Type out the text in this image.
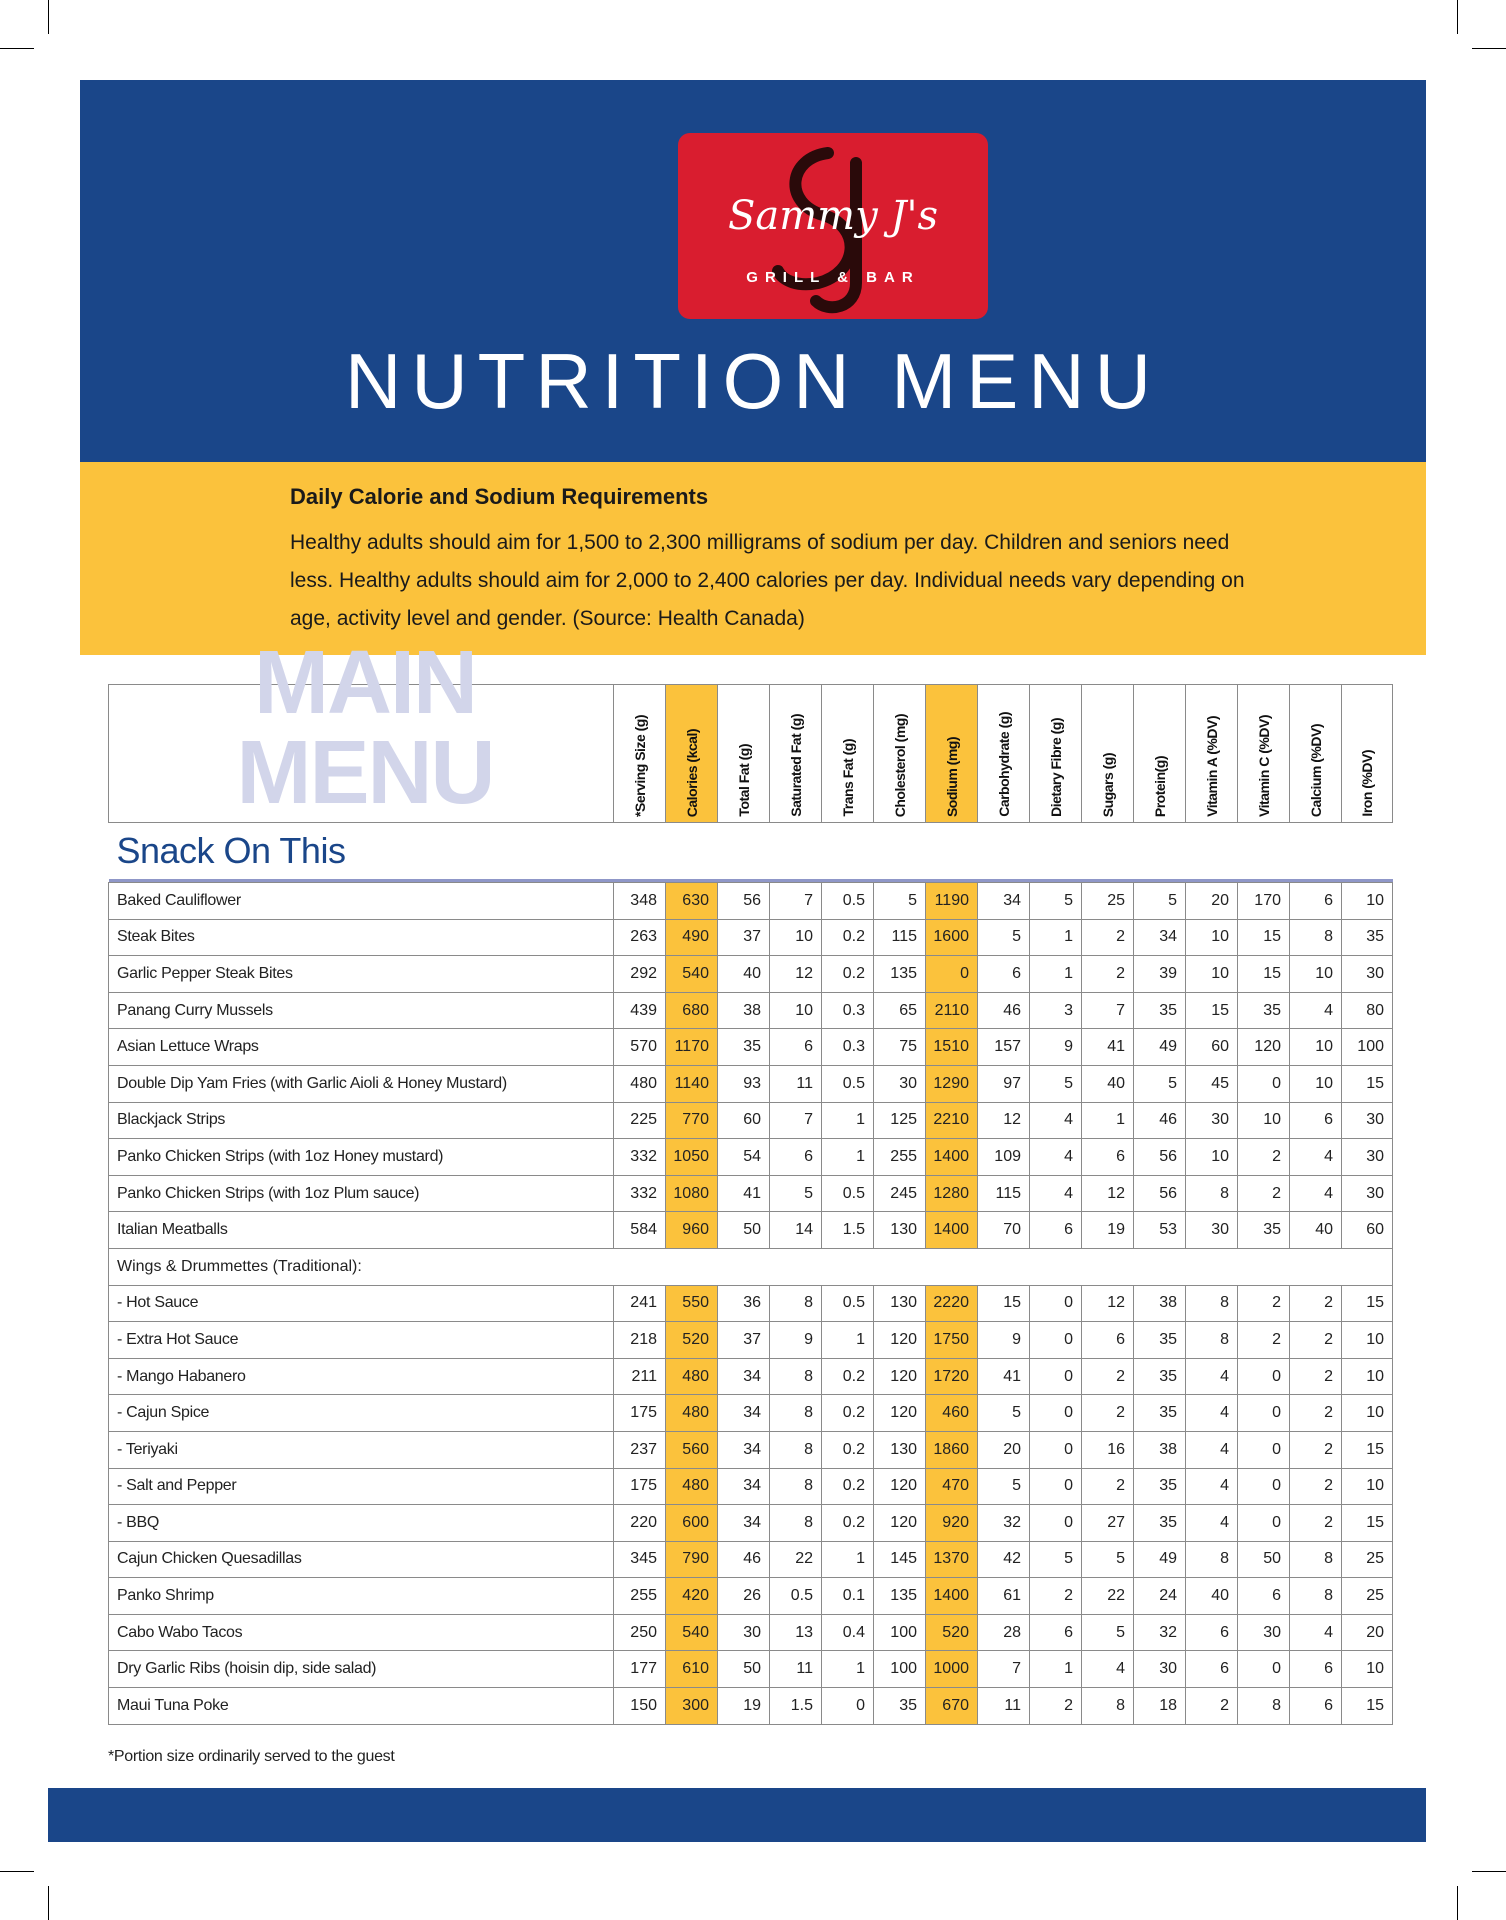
Sammy J's
GRILL & BAR
NUTRITION MENU
Daily Calorie and Sodium Requirements

Healthy adults should aim for 1,500 to 2,300 milligrams of sodium per day. Children and seniors need less. Healthy adults should aim for 2,000 to 2,400 calories per day. Individual needs vary depending on age, activity level and gender. (Source: Health Canada)

MAIN MENU	*Serving Size (g)	Calories (kcal)	Total Fat (g)	Saturated Fat (g)	Trans Fat (g)	Cholesterol (mg)	Sodium (mg)	Carbohydrate (g)	Dietary Fibre (g)	Sugars (g)	Protein(g)	Vitamin A (%DV)	Vitamin C (%DV)	Calcium (%DV)	Iron (%DV)
Snack On This															

Baked Cauliflower	348	630	56	7	0.5	5	1190	34	5	25	5	20	170	6	10
Steak Bites	263	490	37	10	0.2	115	1600	5	1	2	34	10	15	8	35
Garlic Pepper Steak Bites	292	540	40	12	0.2	135	0	6	1	2	39	10	15	10	30
Panang Curry Mussels	439	680	38	10	0.3	65	2110	46	3	7	35	15	35	4	80
Asian Lettuce Wraps	570	1170	35	6	0.3	75	1510	157	9	41	49	60	120	10	100
Double Dip Yam Fries (with Garlic Aioli & Honey Mustard)	480	1140	93	11	0.5	30	1290	97	5	40	5	45	0	10	15
Blackjack Strips	225	770	60	7	1	125	2210	12	4	1	46	30	10	6	30
Panko Chicken Strips (with 1oz Honey mustard)	332	1050	54	6	1	255	1400	109	4	6	56	10	2	4	30
Panko Chicken Strips (with 1oz Plum sauce)	332	1080	41	5	0.5	245	1280	115	4	12	56	8	2	4	30
Italian Meatballs	584	960	50	14	1.5	130	1400	70	6	19	53	30	35	40	60
Wings & Drummettes (Traditional):															
- Hot Sauce	241	550	36	8	0.5	130	2220	15	0	12	38	8	2	2	15
- Extra Hot Sauce	218	520	37	9	1	120	1750	9	0	6	35	8	2	2	10
- Mango Habanero	211	480	34	8	0.2	120	1720	41	0	2	35	4	0	2	10
- Cajun Spice	175	480	34	8	0.2	120	460	5	0	2	35	4	0	2	10
- Teriyaki	237	560	34	8	0.2	130	1860	20	0	16	38	4	0	2	15
- Salt and Pepper	175	480	34	8	0.2	120	470	5	0	2	35	4	0	2	10
- BBQ	220	600	34	8	0.2	120	920	32	0	27	35	4	0	2	15
Cajun Chicken Quesadillas	345	790	46	22	1	145	1370	42	5	5	49	8	50	8	25
Panko Shrimp	255	420	26	0.5	0.1	135	1400	61	2	22	24	40	6	8	25
Cabo Wabo Tacos	250	540	30	13	0.4	100	520	28	6	5	32	6	30	4	20
Dry Garlic Ribs (hoisin dip, side salad)	177	610	50	11	1	100	1000	7	1	4	30	6	0	6	10
Maui Tuna Poke	150	300	19	1.5	0	35	670	11	2	8	18	2	8	6	15
*Portion size ordinarily served to the guest
